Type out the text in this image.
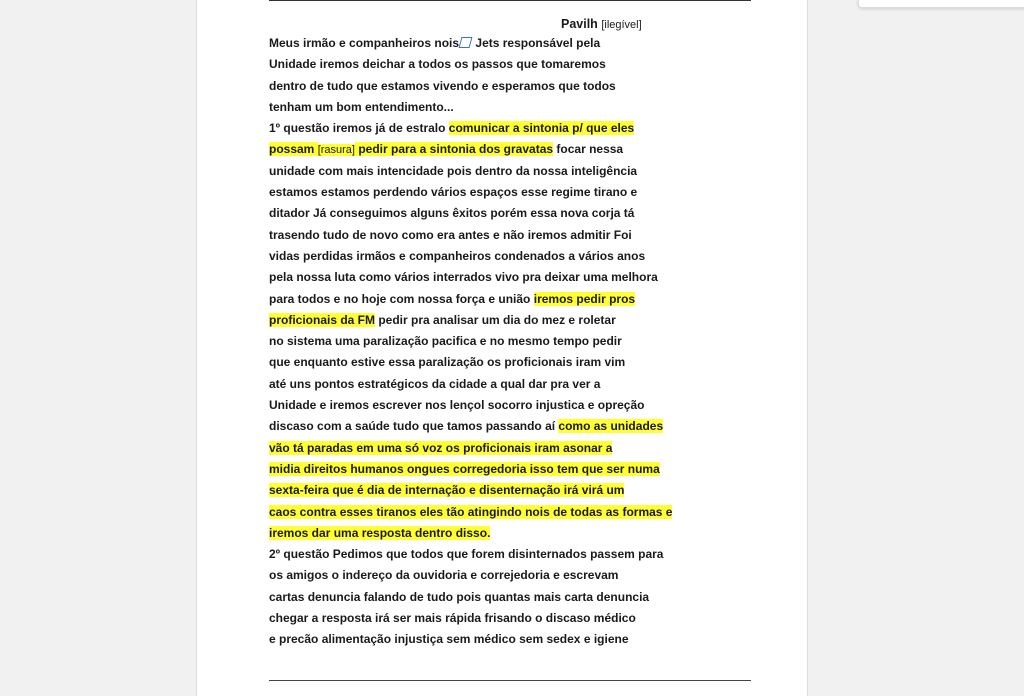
Pavilh [ilegível]
Meus irmão e companheiros nois Jets responsável pela
Unidade iremos deichar a todos os passos que tomaremos
dentro de tudo que estamos vivendo e esperamos que todos
tenham um bom entendimento...
1º questão iremos já de estralo comunicar a sintonia p/ que eles
possam [rasura] pedir para a sintonia dos gravatas focar nessa
unidade com mais intencidade pois dentro da nossa inteligência
estamos estamos perdendo vários espaços esse regime tirano e
ditador Já conseguimos alguns êxitos porém essa nova corja tá
trasendo tudo de novo como era antes e não iremos admitir Foi
vidas perdidas irmãos e companheiros condenados a vários anos
pela nossa luta como vários interrados vivo pra deixar uma melhora
para todos e no hoje com nossa força e união iremos pedir pros
proficionais da FM pedir pra analisar um dia do mez e roletar
no sistema uma paralização pacifica e no mesmo tempo pedir
que enquanto estive essa paralização os proficionais iram vim
até uns pontos estratégicos da cidade a qual dar pra ver a
Unidade e iremos escrever nos lençol socorro injustica e opreção
discaso com a saúde tudo que tamos passando aí como as unidades
vão tá paradas em uma só voz os proficionais iram asonar a
midia direitos humanos ongues corregedoria isso tem que ser numa
sexta-feira que é dia de internação e disenternação irá virá um
caos contra esses tiranos eles tão atingindo nois de todas as formas e
iremos dar uma resposta dentro disso.
2º questão Pedimos que todos que forem disinternados passem para
os amigos o indereço da ouvidoria e correjedoria e escrevam
cartas denuncia falando de tudo pois quantas mais carta denuncia
chegar a resposta irá ser mais rápida frisando o discaso médico
e precão alimentação injustiça sem médico sem sedex e igiene
